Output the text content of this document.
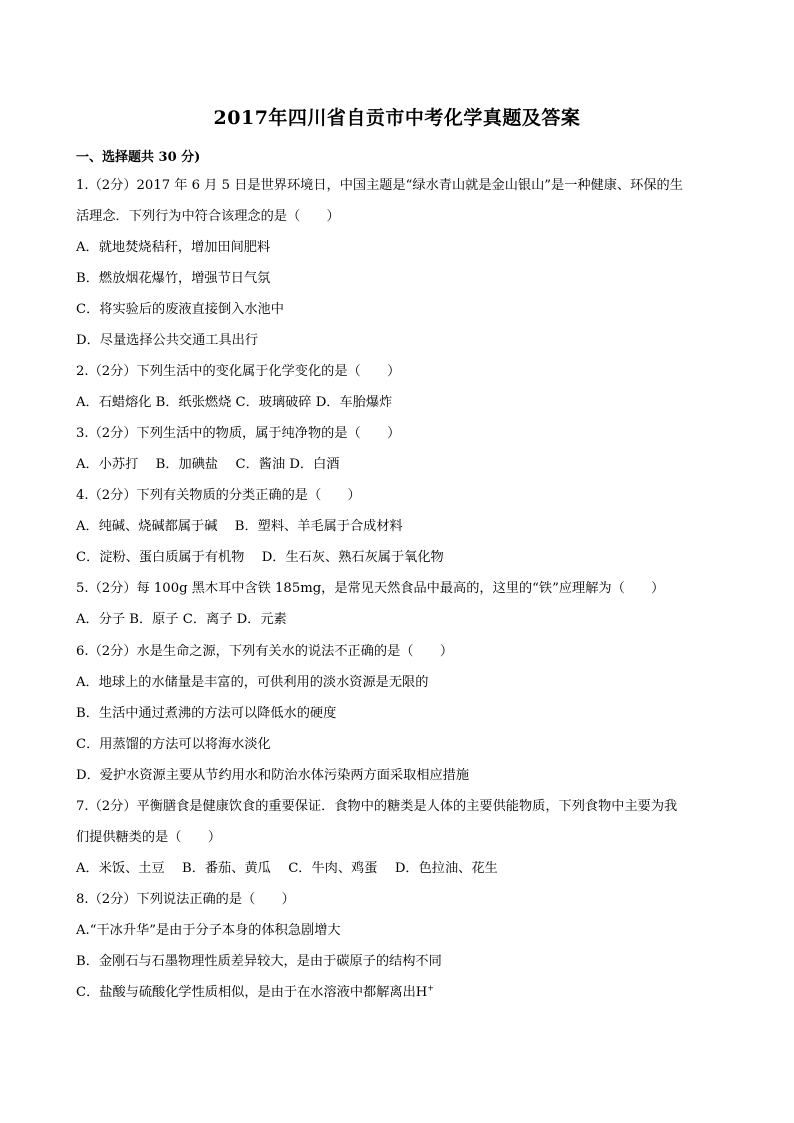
2017年四川省自贡市中考化学真题及答案
一、选择题共 30 分)
1.（2分）2017 年 6 月 5 日是世界环境日，中国主题是“绿水青山就是金山银山”是一种健康、环保的生
活理念．下列行为中符合该理念的是（　　）
A．就地焚烧秸秆，增加田间肥料
B．燃放烟花爆竹，增强节日气氛
C．将实验后的废液直接倒入水池中
D．尽量选择公共交通工具出行
2.（2分）下列生活中的变化属于化学变化的是（　　）
A．石蜡熔化 B．纸张燃烧 C．玻璃破碎 D．车胎爆炸
3.（2分）下列生活中的物质，属于纯净物的是（　　）
A．小苏打　 B．加碘盐　 C．酱油 D．白酒
4.（2分）下列有关物质的分类正确的是（　　）
A．纯碱、烧碱都属于碱　 B．塑料、羊毛属于合成材料
C．淀粉、蛋白质属于有机物　 D．生石灰、熟石灰属于氧化物
5.（2分）每 100g 黑木耳中含铁 185mg，是常见天然食品中最高的，这里的“铁”应理解为（　　）
A．分子 B．原子 C．离子 D．元素
6.（2分）水是生命之源，下列有关水的说法不正确的是（　　）
A．地球上的水储量是丰富的，可供利用的淡水资源是无限的
B．生活中通过煮沸的方法可以降低水的硬度
C．用蒸馏的方法可以将海水淡化
D．爱护水资源主要从节约用水和防治水体污染两方面采取相应措施
7.（2分）平衡膳食是健康饮食的重要保证．食物中的糖类是人体的主要供能物质，下列食物中主要为我
们提供糖类的是（　　）
A．米饭、土豆　 B．番茄、黄瓜　 C．牛肉、鸡蛋　 D．色拉油、花生
8.（2分）下列说法正确的是（　　）
A.“干冰升华”是由于分子本身的体积急剧增大
B．金刚石与石墨物理性质差异较大，是由于碳原子的结构不同
C．盐酸与硫酸化学性质相似，是由于在水溶液中都解离出H+
